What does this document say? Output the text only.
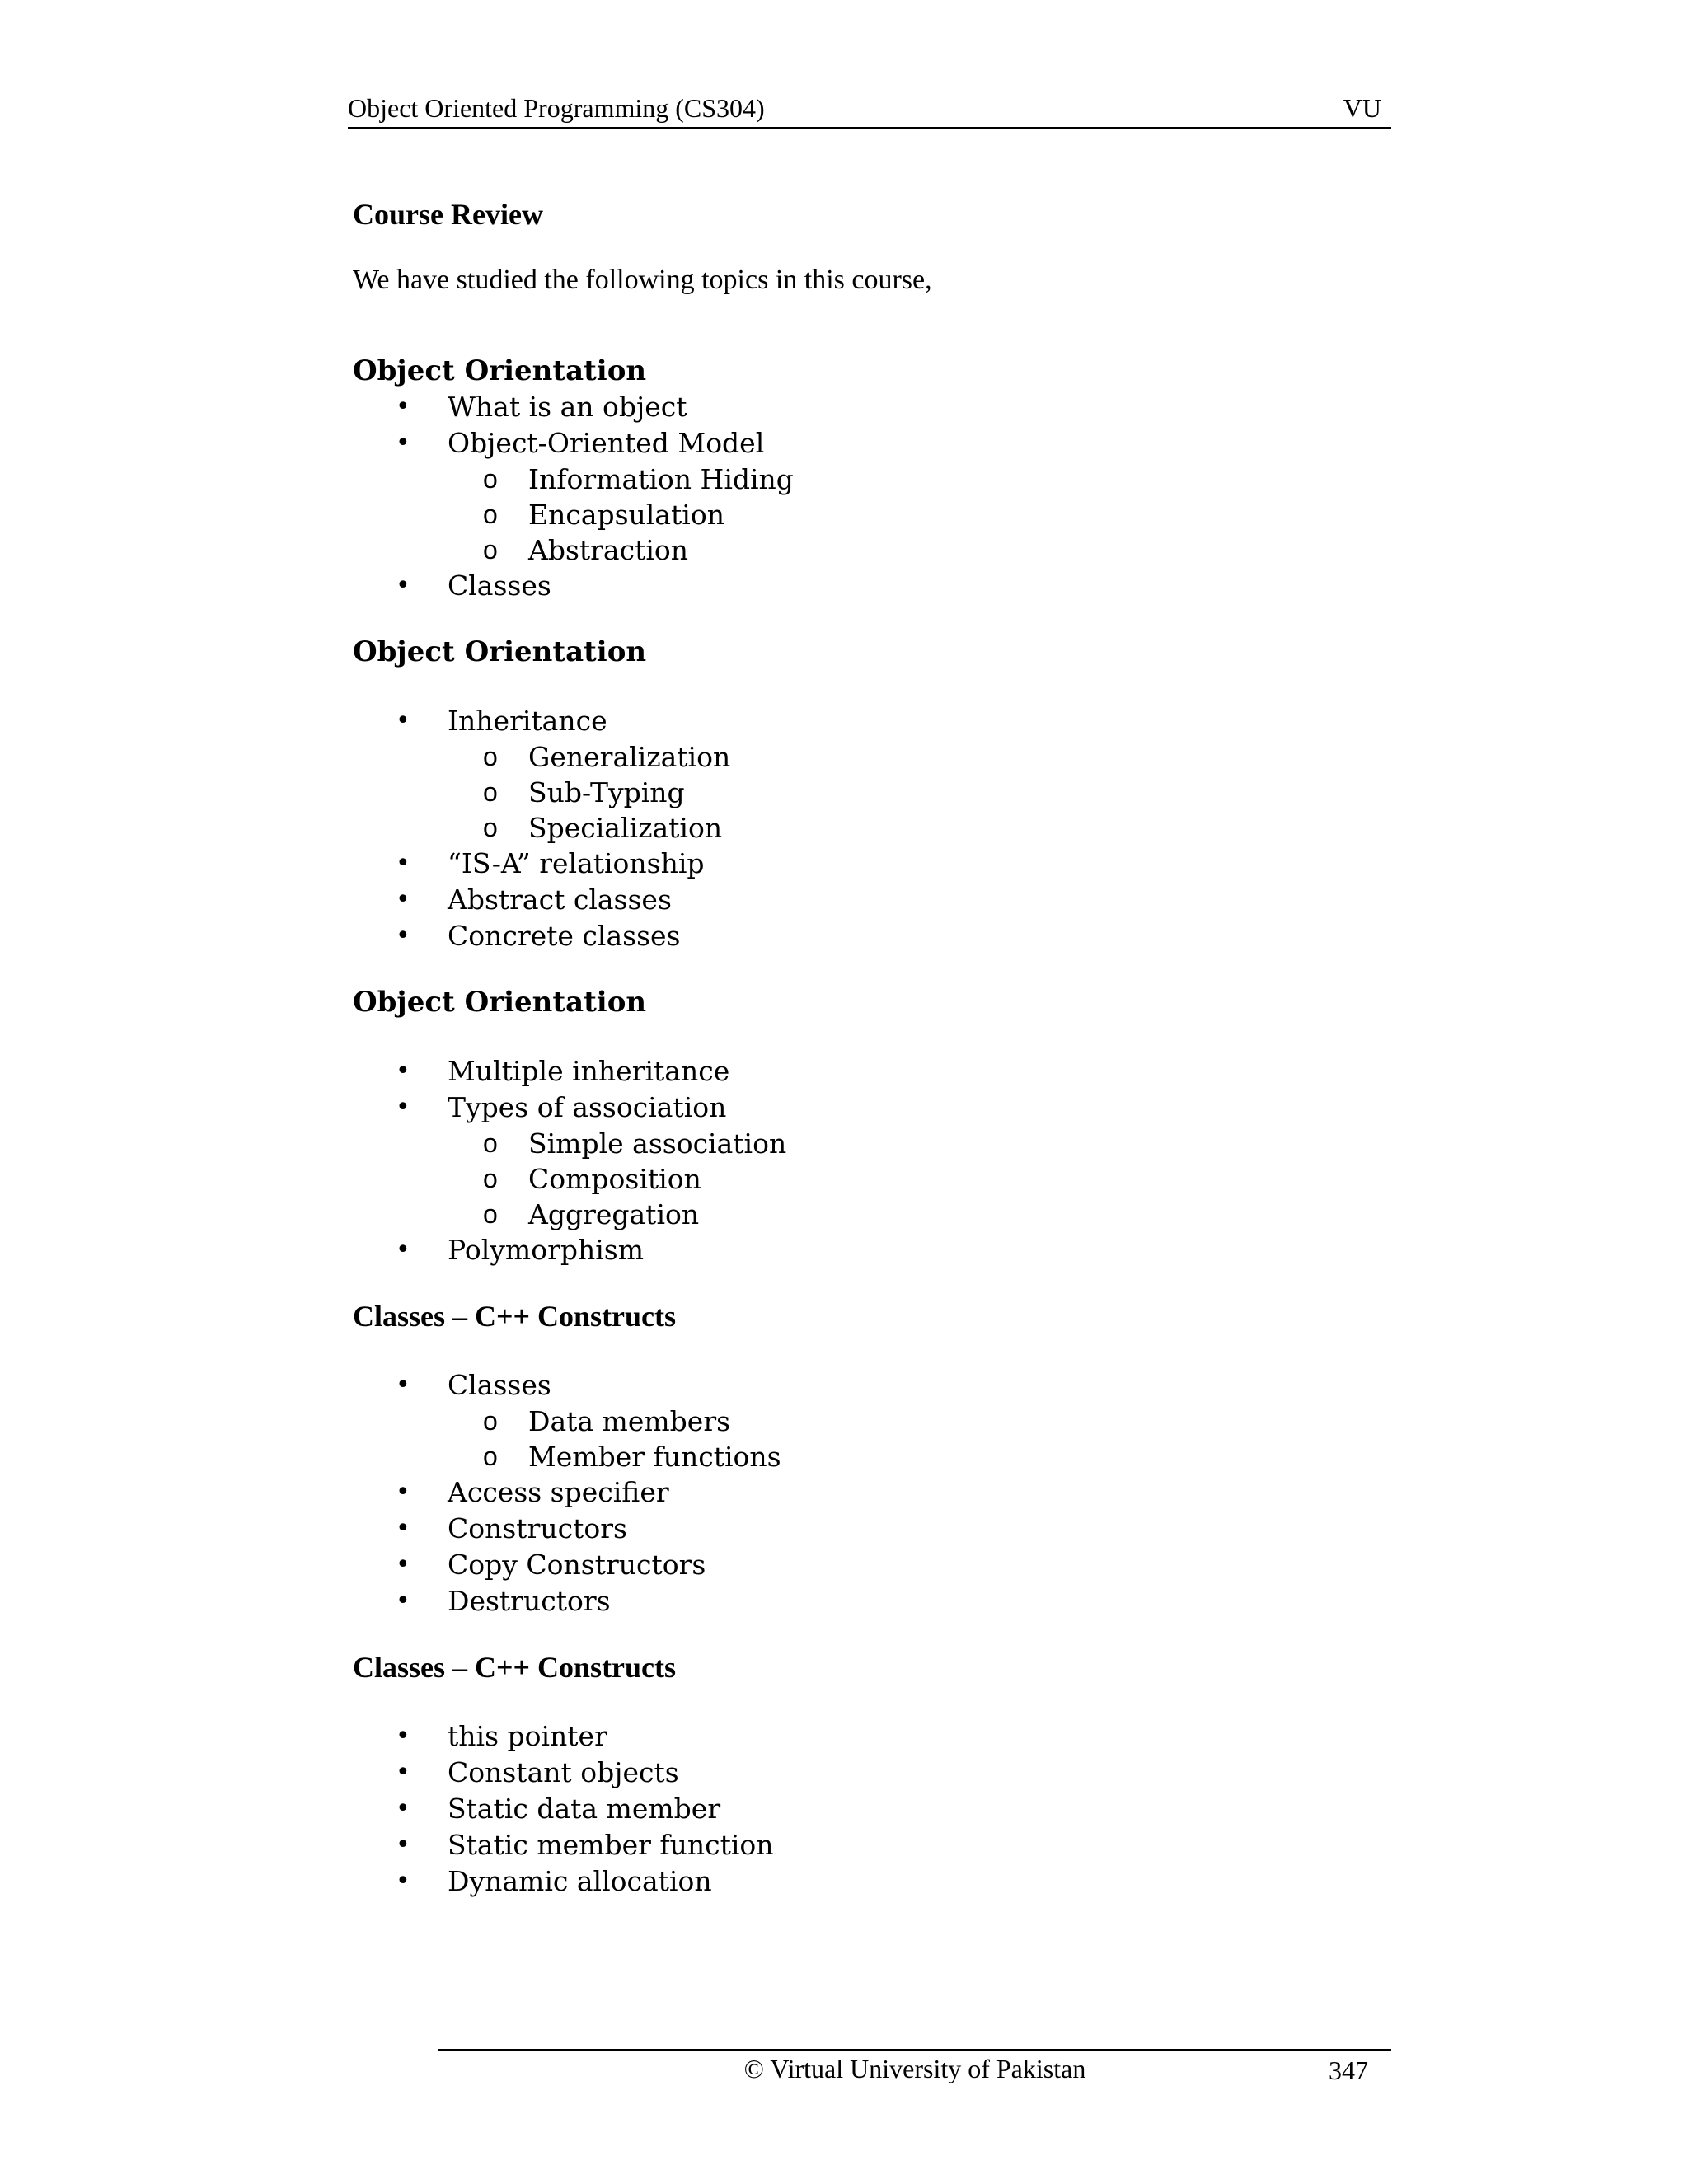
Object Oriented Programming (CS304)	VU
Course Review
We have studied the following topics in this course,
Object Orientation
• What is an object
• Object-Oriented Model
o Information Hiding
o Encapsulation
o Abstraction
• Classes
Object Orientation
• Inheritance
o Generalization
o Sub-Typing
o Specialization
• “IS-A” relationship
• Abstract classes
• Concrete classes
Object Orientation
• Multiple inheritance
• Types of association
o Simple association
o Composition
o Aggregation
• Polymorphism
Classes – C++ Constructs
• Classes
o Data members
o Member functions
• Access specifier
• Constructors
• Copy Constructors
• Destructors
Classes – C++ Constructs
• this pointer
• Constant objects
• Static data member
• Static member function
• Dynamic allocation
© Virtual University of Pakistan	347
